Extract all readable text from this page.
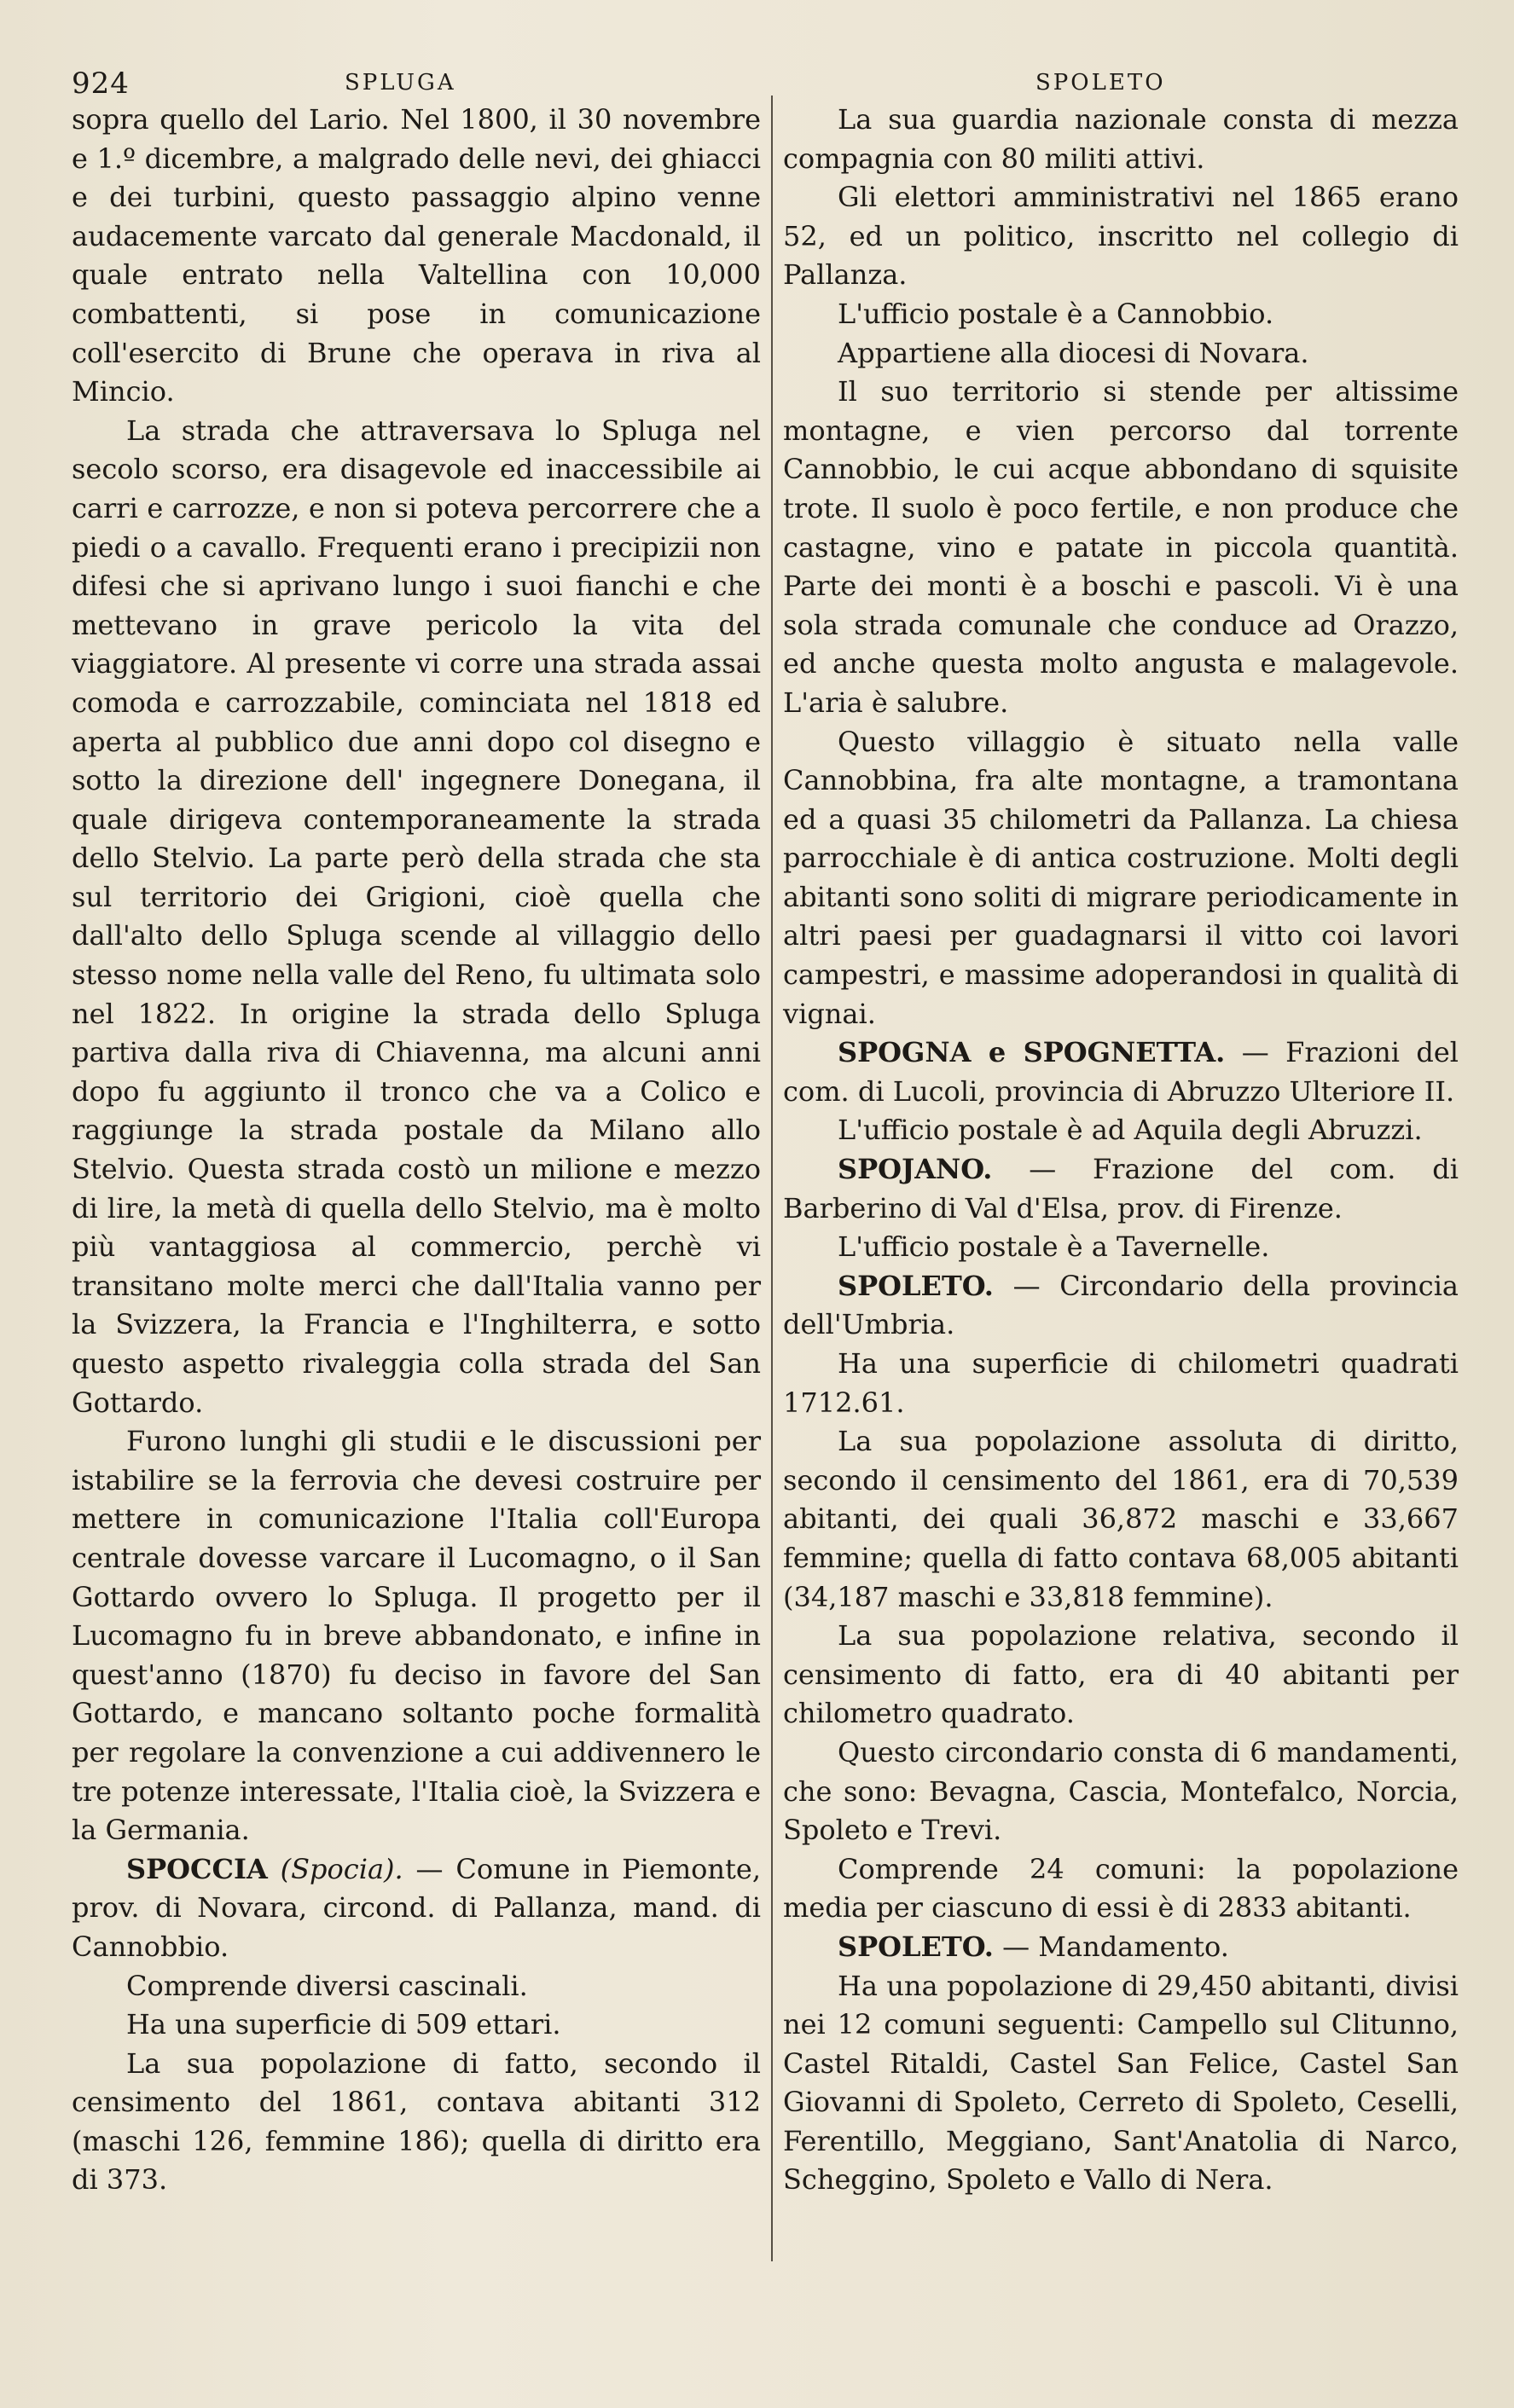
924	SPLUGA	SPOLETO

sopra quello del Lario. Nel 1800, il 30 novembre e 1.º dicembre, a malgrado delle nevi, dei ghiacci e dei turbini, questo passaggio alpino venne audacemente varcato dal generale Macdonald, il quale entrato nella Valtellina con 10,000 combattenti, si pose in comunicazione coll'esercito di Brune che operava in riva al Mincio.

La strada che attraversava lo Spluga nel secolo scorso, era disagevole ed inaccessibile ai carri e carrozze, e non si poteva percorrere che a piedi o a cavallo. Frequenti erano i precipizii non difesi che si aprivano lungo i suoi fianchi e che mettevano in grave pericolo la vita del viaggiatore. Al presente vi corre una strada assai comoda e carrozzabile, cominciata nel 1818 ed aperta al pubblico due anni dopo col disegno e sotto la direzione dell' ingegnere Donegana, il quale dirigeva contemporaneamente la strada dello Stelvio. La parte però della strada che sta sul territorio dei Grigioni, cioè quella che dall'alto dello Spluga scende al villaggio dello stesso nome nella valle del Reno, fu ultimata solo nel 1822. In origine la strada dello Spluga partiva dalla riva di Chiavenna, ma alcuni anni dopo fu aggiunto il tronco che va a Colico e raggiunge la strada postale da Milano allo Stelvio. Questa strada costò un milione e mezzo di lire, la metà di quella dello Stelvio, ma è molto più vantaggiosa al commercio, perchè vi transitano molte merci che dall'Italia vanno per la Svizzera, la Francia e l'Inghilterra, e sotto questo aspetto rivaleggia colla strada del San Gottardo.

Furono lunghi gli studii e le discussioni per istabilire se la ferrovia che devesi costruire per mettere in comunicazione l'Italia coll'Europa centrale dovesse varcare il Lucomagno, o il San Gottardo ovvero lo Spluga. Il progetto per il Lucomagno fu in breve abbandonato, e infine in quest'anno (1870) fu deciso in favore del San Gottardo, e mancano soltanto poche formalità per regolare la convenzione a cui addivennero le tre potenze interessate, l'Italia cioè, la Svizzera e la Germania.

SPOCCIA (Spocia). — Comune in Piemonte, prov. di Novara, circond. di Pallanza, mand. di Cannobbio.

Comprende diversi cascinali.

Ha una superficie di 509 ettari.

La sua popolazione di fatto, secondo il censimento del 1861, contava abitanti 312 (maschi 126, femmine 186); quella di diritto era di 373.

La sua guardia nazionale consta di mezza compagnia con 80 militi attivi.

Gli elettori amministrativi nel 1865 erano 52, ed un politico, inscritto nel collegio di Pallanza.

L'ufficio postale è a Cannobbio.

Appartiene alla diocesi di Novara.

Il suo territorio si stende per altissime montagne, e vien percorso dal torrente Cannobbio, le cui acque abbondano di squisite trote. Il suolo è poco fertile, e non produce che castagne, vino e patate in piccola quantità. Parte dei monti è a boschi e pascoli. Vi è una sola strada comunale che conduce ad Orazzo, ed anche questa molto angusta e malagevole. L'aria è salubre.

Questo villaggio è situato nella valle Cannobbina, fra alte montagne, a tramontana ed a quasi 35 chilometri da Pallanza. La chiesa parrocchiale è di antica costruzione. Molti degli abitanti sono soliti di migrare periodicamente in altri paesi per guadagnarsi il vitto coi lavori campestri, e massime adoperandosi in qualità di vignai.

SPOGNA e SPOGNETTA. — Frazioni del com. di Lucoli, provincia di Abruzzo Ulteriore II.

L'ufficio postale è ad Aquila degli Abruzzi.

SPOJANO. — Frazione del com. di Barberino di Val d'Elsa, prov. di Firenze.

L'ufficio postale è a Tavernelle.

SPOLETO. — Circondario della provincia dell'Umbria.

Ha una superficie di chilometri quadrati 1712.61.

La sua popolazione assoluta di diritto, secondo il censimento del 1861, era di 70,539 abitanti, dei quali 36,872 maschi e 33,667 femmine; quella di fatto contava 68,005 abitanti (34,187 maschi e 33,818 femmine).

La sua popolazione relativa, secondo il censimento di fatto, era di 40 abitanti per chilometro quadrato.

Questo circondario consta di 6 mandamenti, che sono: Bevagna, Cascia, Montefalco, Norcia, Spoleto e Trevi.

Comprende 24 comuni: la popolazione media per ciascuno di essi è di 2833 abitanti.

SPOLETO. — Mandamento.

Ha una popolazione di 29,450 abitanti, divisi nei 12 comuni seguenti: Campello sul Clitunno, Castel Ritaldi, Castel San Felice, Castel San Giovanni di Spoleto, Cerreto di Spoleto, Ceselli, Ferentillo, Meggiano, Sant'Anatolia di Narco, Scheggino, Spoleto e Vallo di Nera.
